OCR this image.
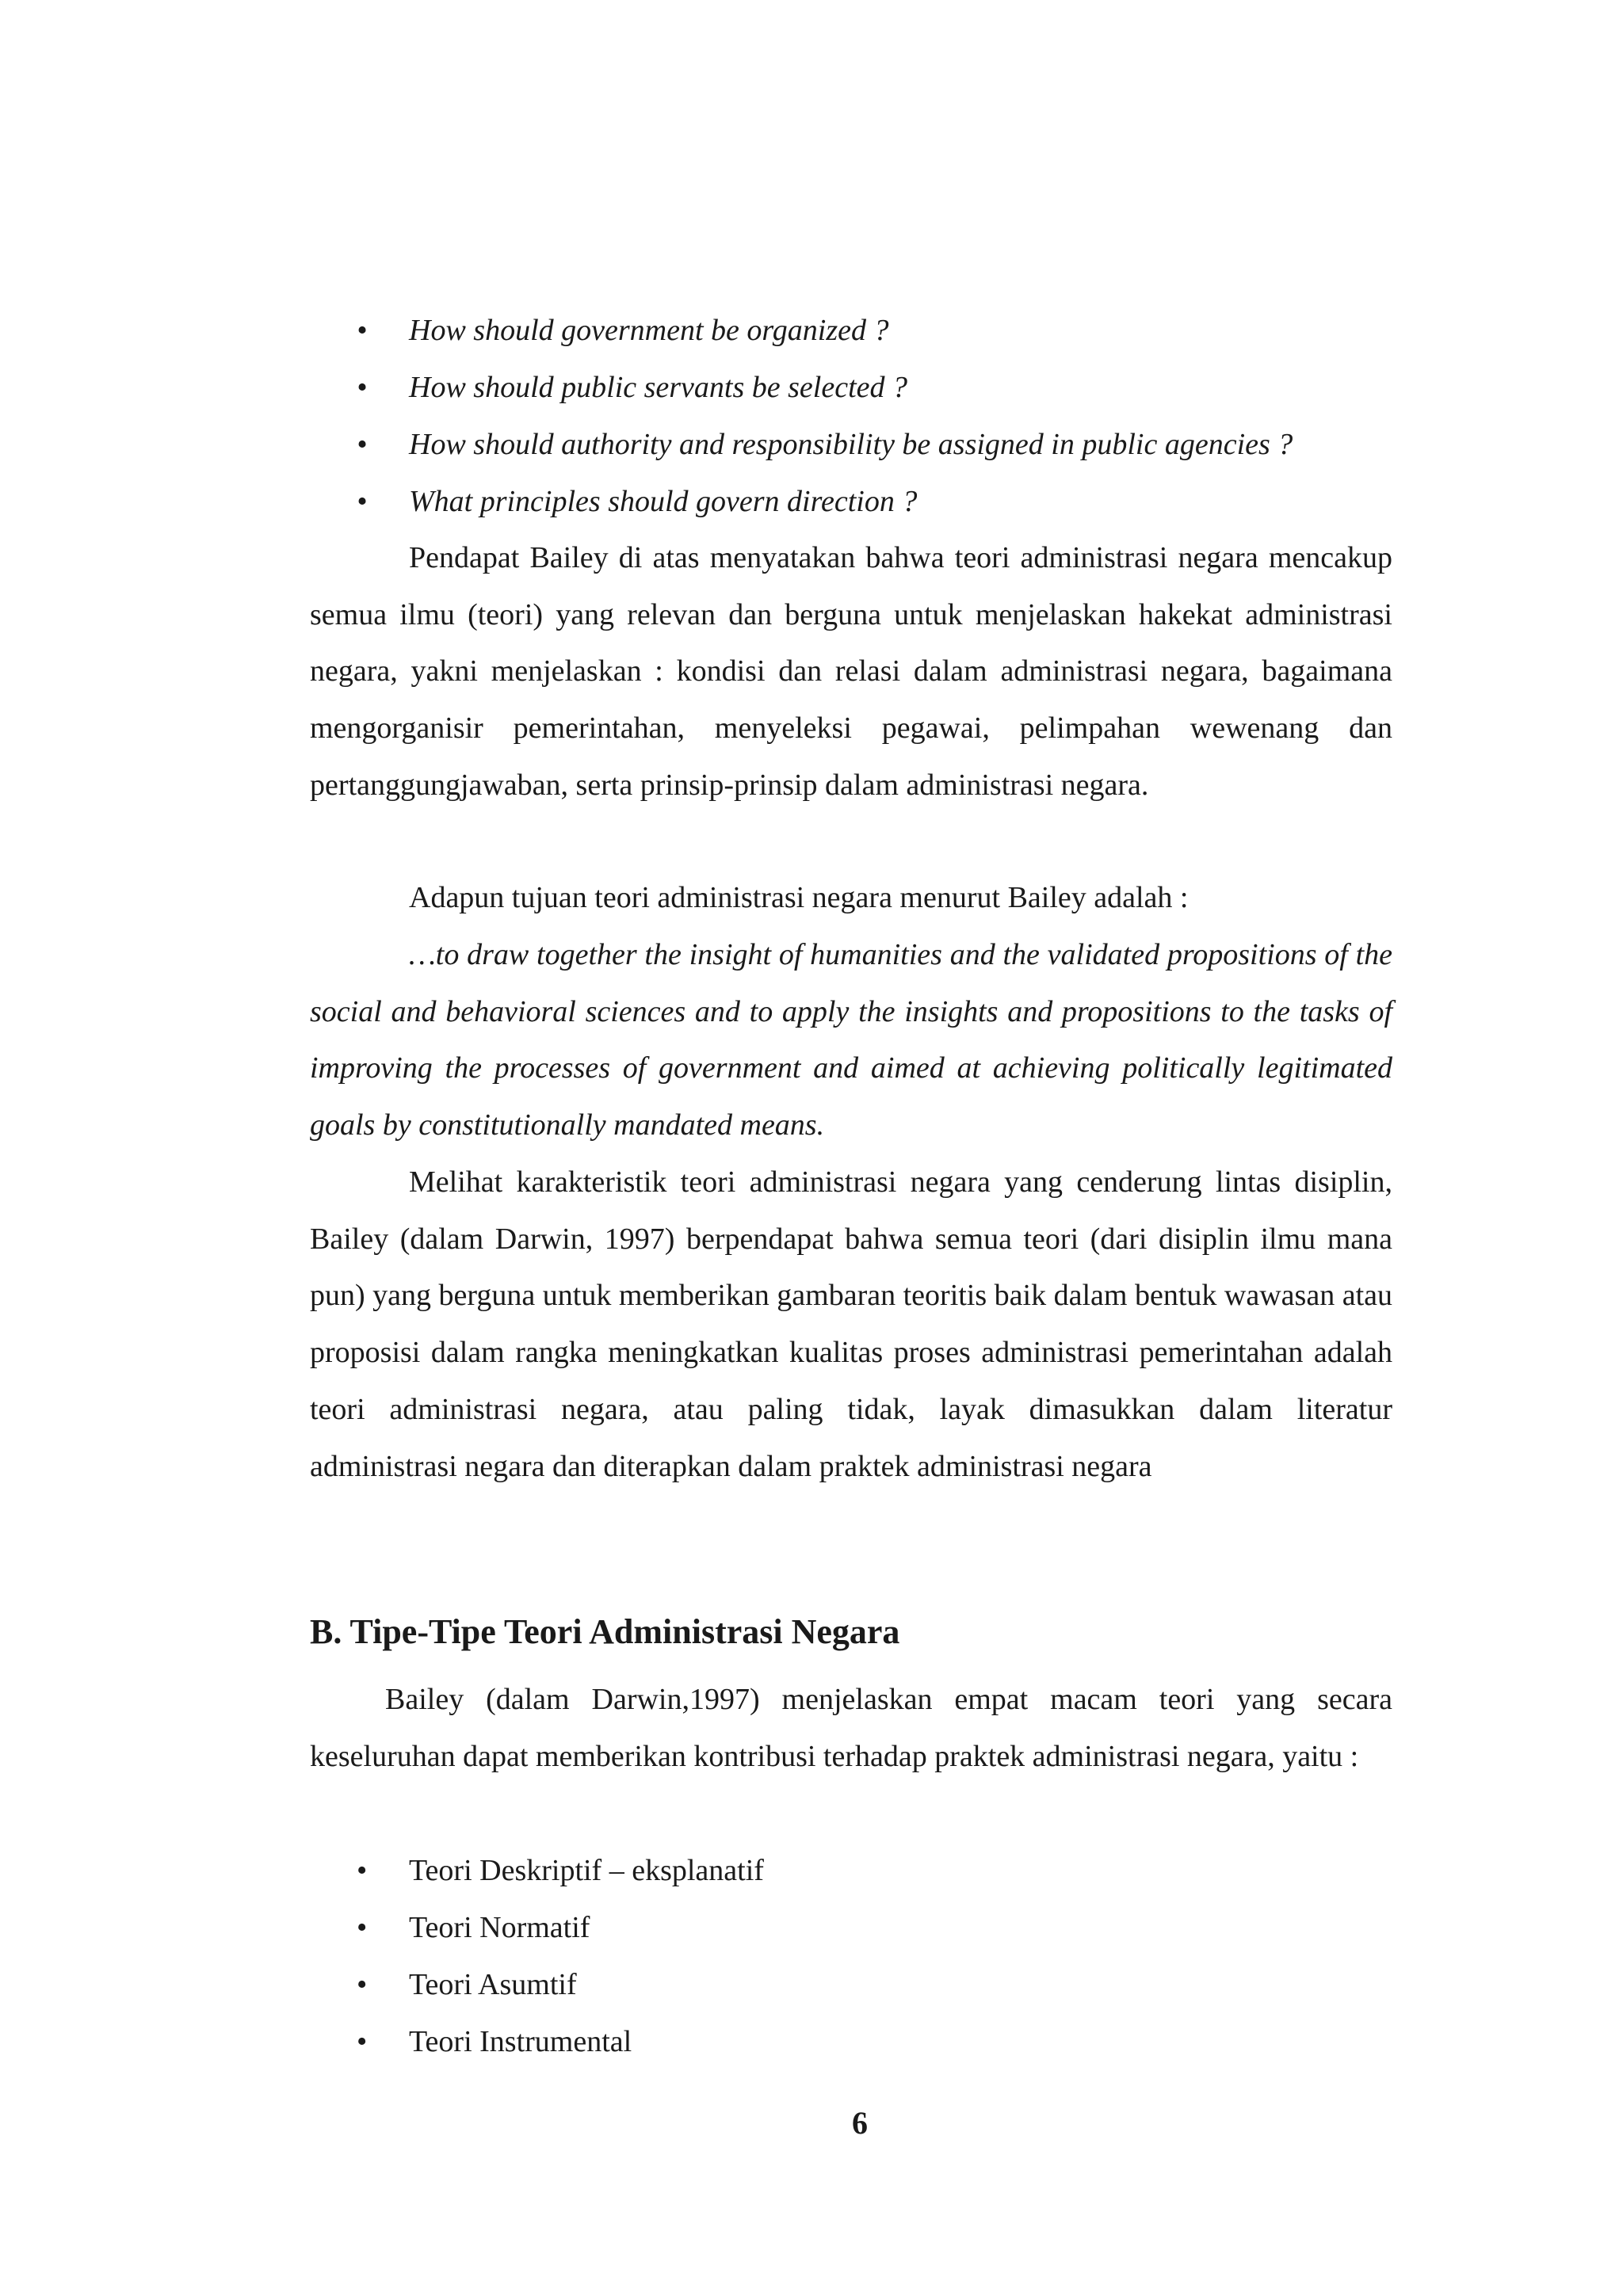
• How should government be organized ?
• How should public servants be selected ?
• How should authority and responsibility be assigned in public agencies ?
• What principles should govern direction ?

Pendapat Bailey di atas menyatakan bahwa teori administrasi negara mencakup semua ilmu (teori) yang relevan dan berguna untuk menjelaskan hakekat administrasi negara, yakni menjelaskan : kondisi dan relasi dalam administrasi negara, bagaimana mengorganisir pemerintahan, menyeleksi pegawai, pelimpahan wewenang dan pertanggungjawaban, serta prinsip-prinsip dalam administrasi negara.

Adapun tujuan teori administrasi negara menurut Bailey adalah :

…to draw together the insight of humanities and the validated propositions of the social and behavioral sciences and to apply the insights and propositions to the tasks of improving the processes of government and aimed at achieving politically legitimated goals by constitutionally mandated means.

Melihat karakteristik teori administrasi negara yang cenderung lintas disiplin, Bailey (dalam Darwin, 1997) berpendapat bahwa semua teori (dari disiplin ilmu mana pun) yang berguna untuk memberikan gambaran teoritis baik dalam bentuk wawasan atau proposisi dalam rangka meningkatkan kualitas proses administrasi pemerintahan adalah teori administrasi negara, atau paling tidak, layak dimasukkan dalam literatur administrasi negara dan diterapkan dalam praktek administrasi negara

B. Tipe-Tipe Teori Administrasi Negara

Bailey (dalam Darwin,1997) menjelaskan empat macam teori yang secara keseluruhan dapat memberikan kontribusi terhadap praktek administrasi negara, yaitu :

• Teori Deskriptif – eksplanatif
• Teori Normatif
• Teori Asumtif
• Teori Instrumental
6
